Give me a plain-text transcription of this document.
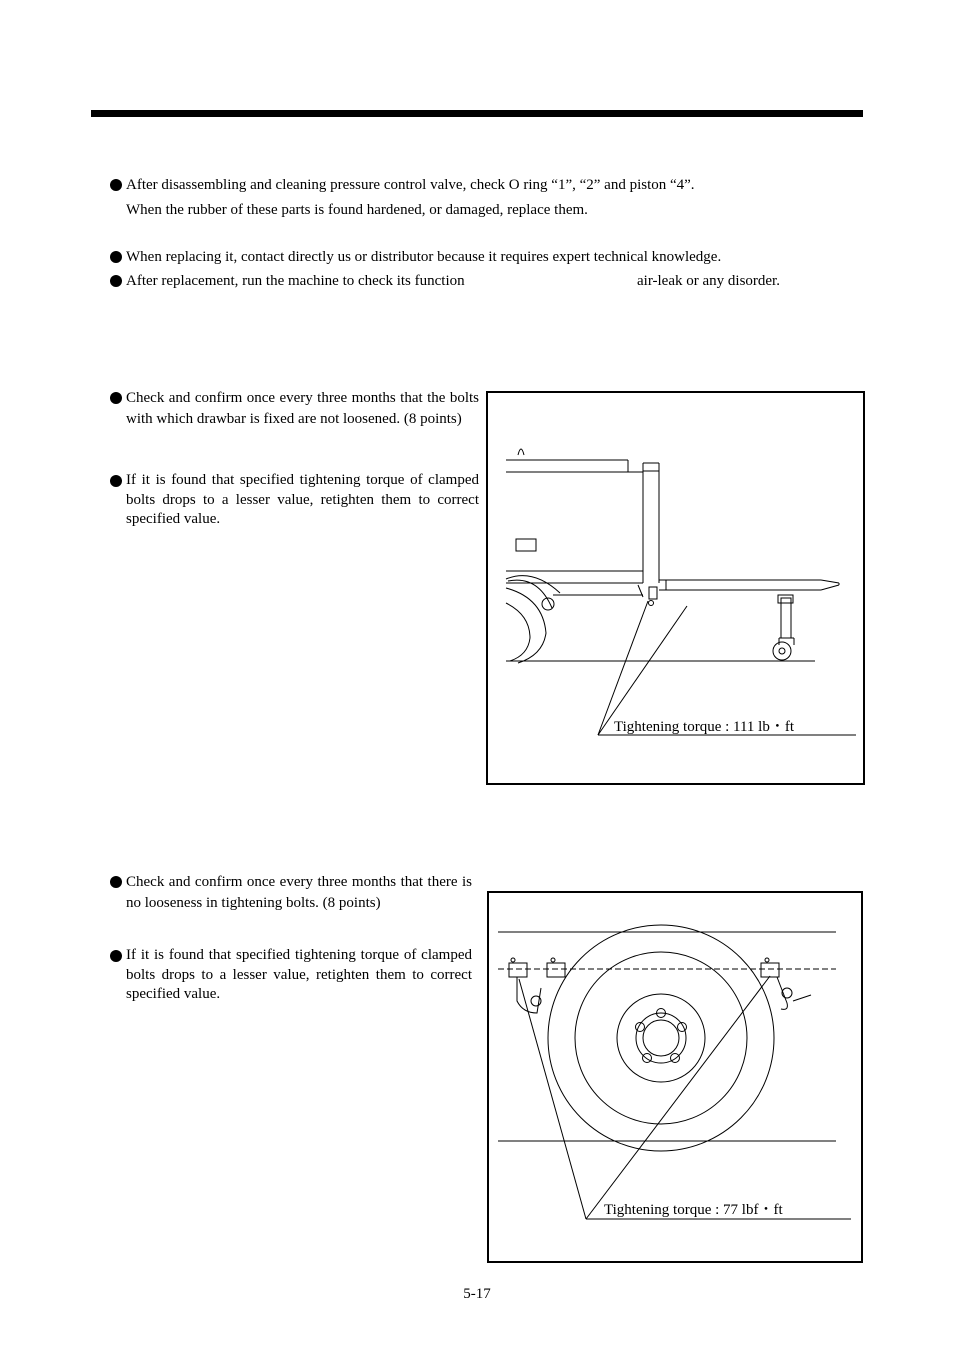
After disassembling and cleaning pressure control valve, check O ring “1”, “2” and piston “4”.
When the rubber of these parts is found hardened, or damaged, replace them.
When replacing it, contact directly us or distributor because it requires expert technical knowledge.
After replacement, run the machine to check its function	air-leak or any disorder.
Check and confirm once every three months that the bolts with which drawbar is fixed are not loosened. (8 points)
If it is found that specified tightening torque of clamped bolts drops to a lesser value, retighten them to correct specified value.
Tightening torque : 111 lb・ft
Check and confirm once every three months that there is no looseness in tightening bolts. (8 points)
If it is found that specified tightening torque of clamped bolts drops to a lesser value, retighten them to correct specified value.
Tightening torque : 77 lbf・ft
5-17
